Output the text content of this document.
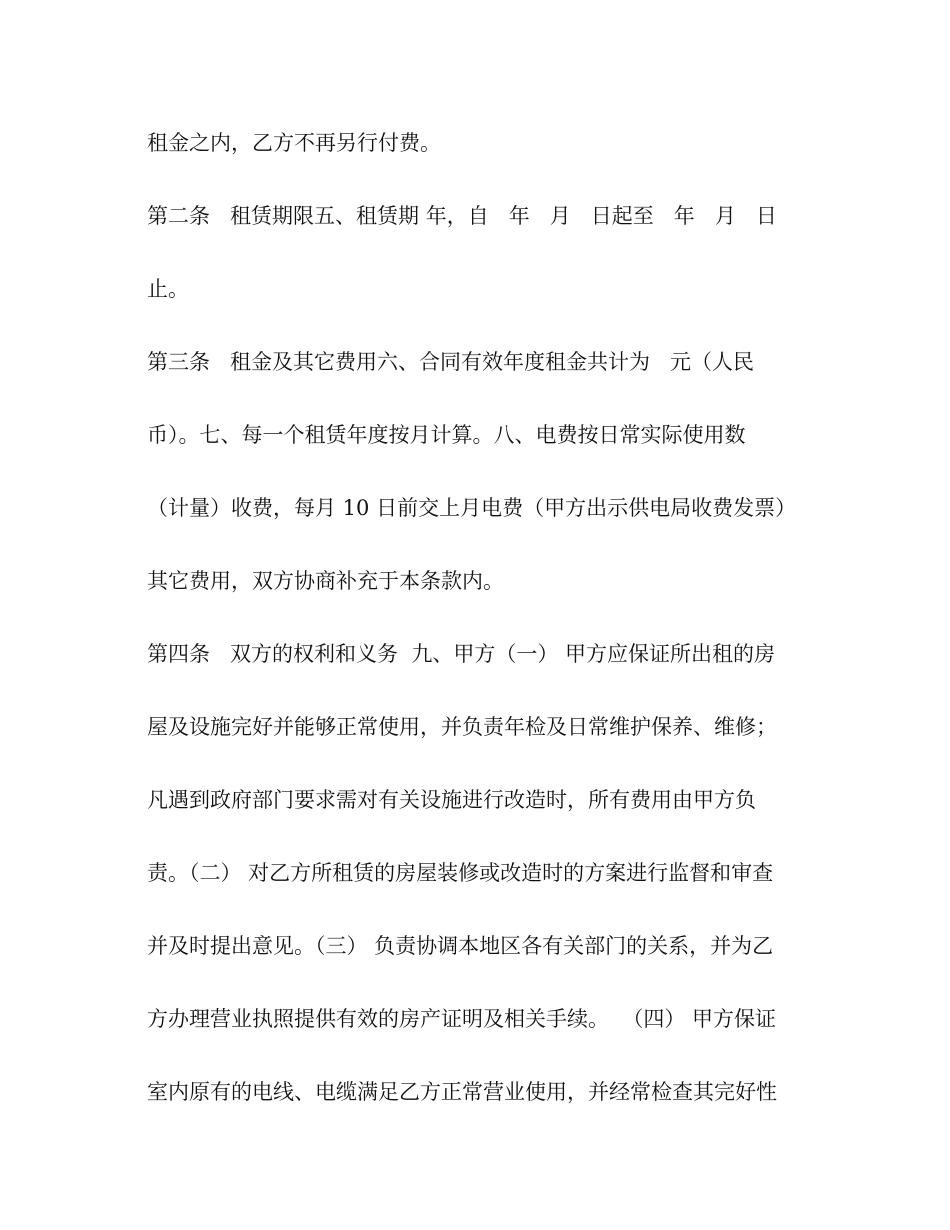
租金之内，乙方不再另行付费。
第二条   租赁期限五、租赁期 年，自   年   月   日起至   年   月   日
止。
第三条   租金及其它费用六、合同有效年度租金共计为   元（人民
币）。七、每一个租赁年度按月计算。八、电费按日常实际使用数
（计量）收费，每月 10 日前交上月电费（甲方出示供电局收费发票）
其它费用，双方协商补充于本条款内。
第四条   双方的权利和义务  九、甲方（一） 甲方应保证所出租的房
屋及设施完好并能够正常使用，并负责年检及日常维护保养、维修；
凡遇到政府部门要求需对有关设施进行改造时，所有费用由甲方负
责。（二） 对乙方所租赁的房屋装修或改造时的方案进行监督和审查
并及时提出意见。（三） 负责协调本地区各有关部门的关系，并为乙
方办理营业执照提供有效的房产证明及相关手续。  （四） 甲方保证
室内原有的电线、电缆满足乙方正常营业使用，并经常检查其完好性
